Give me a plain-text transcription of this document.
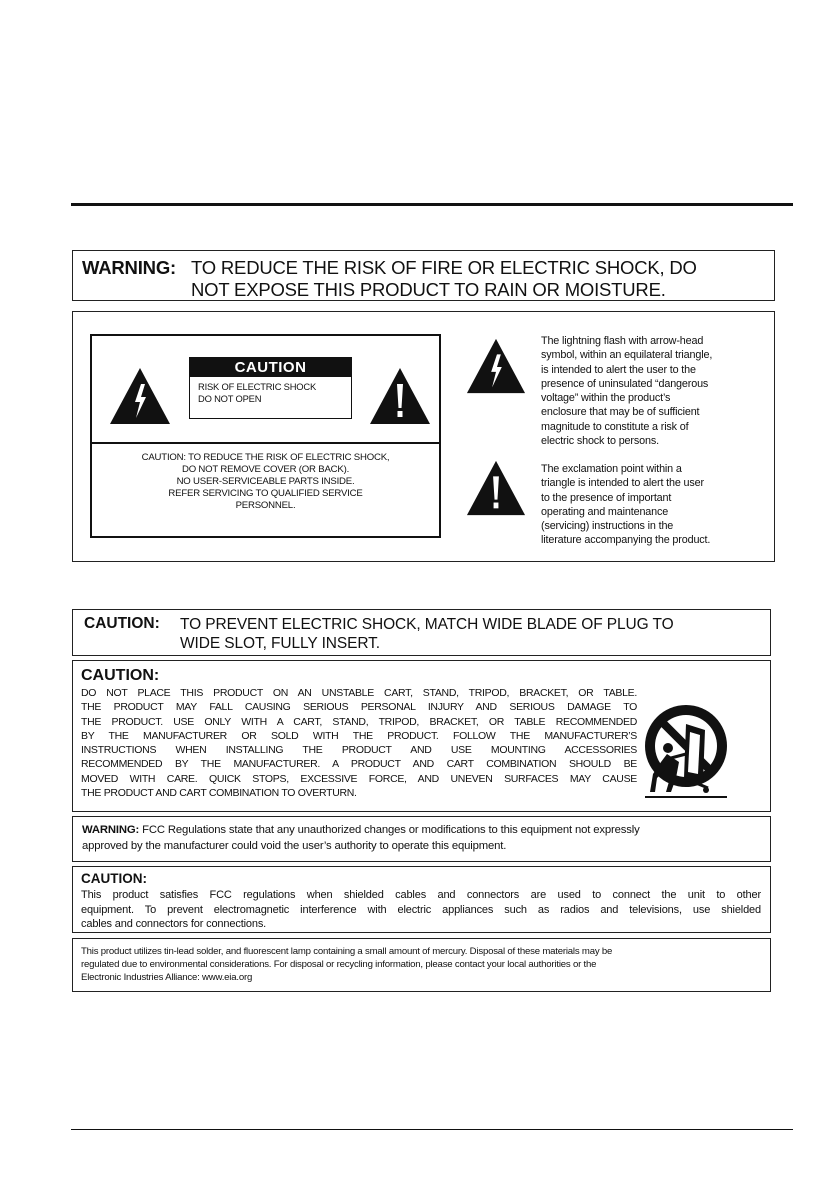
WARNING: TO REDUCE THE RISK OF FIRE OR ELECTRIC SHOCK, DO
NOT EXPOSE THIS PRODUCT TO RAIN OR MOISTURE.
CAUTION
RISK OF ELECTRIC SHOCK
DO NOT OPEN
CAUTION: TO REDUCE THE RISK OF ELECTRIC SHOCK,
DO NOT REMOVE COVER (OR BACK).
NO USER-SERVICEABLE PARTS INSIDE.
REFER SERVICING TO QUALIFIED SERVICE
PERSONNEL.
The lightning flash with arrow-head
symbol, within an equilateral triangle,
is intended to alert the user to the
presence of uninsulated “dangerous
voltage” within the product’s
enclosure that may be of sufficient
magnitude to constitute a risk of
electric shock to persons.
The exclamation point within a
triangle is intended to alert the user
to the presence of important
operating and maintenance
(servicing) instructions in the
literature accompanying the product.
CAUTION: TO PREVENT ELECTRIC SHOCK, MATCH WIDE BLADE OF PLUG TO
WIDE SLOT, FULLY INSERT.
CAUTION:
DO NOT PLACE THIS PRODUCT ON AN UNSTABLE CART, STAND, TRIPOD, BRACKET, OR TABLE.
THE PRODUCT MAY FALL CAUSING SERIOUS PERSONAL INJURY AND SERIOUS DAMAGE TO
THE PRODUCT. USE ONLY WITH A CART, STAND, TRIPOD, BRACKET, OR TABLE RECOMMENDED
BY THE MANUFACTURER OR SOLD WITH THE PRODUCT. FOLLOW THE MANUFACTURER’S
INSTRUCTIONS WHEN INSTALLING THE PRODUCT AND USE MOUNTING ACCESSORIES
RECOMMENDED BY THE MANUFACTURER. A PRODUCT AND CART COMBINATION SHOULD BE
MOVED WITH CARE. QUICK STOPS, EXCESSIVE FORCE, AND UNEVEN SURFACES MAY CAUSE
THE PRODUCT AND CART COMBINATION TO OVERTURN.
WARNING: FCC Regulations state that any unauthorized changes or modifications to this equipment not expressly
approved by the manufacturer could void the user’s authority to operate this equipment.
CAUTION:
This product satisfies FCC regulations when shielded cables and connectors are used to connect the unit to other
equipment. To prevent electromagnetic interference with electric appliances such as radios and televisions, use shielded
cables and connectors for connections.
This product utilizes tin-lead solder, and fluorescent lamp containing a small amount of mercury. Disposal of these materials may be
regulated due to environmental considerations. For disposal or recycling information, please contact your local authorities or the
Electronic Industries Alliance: www.eia.org
